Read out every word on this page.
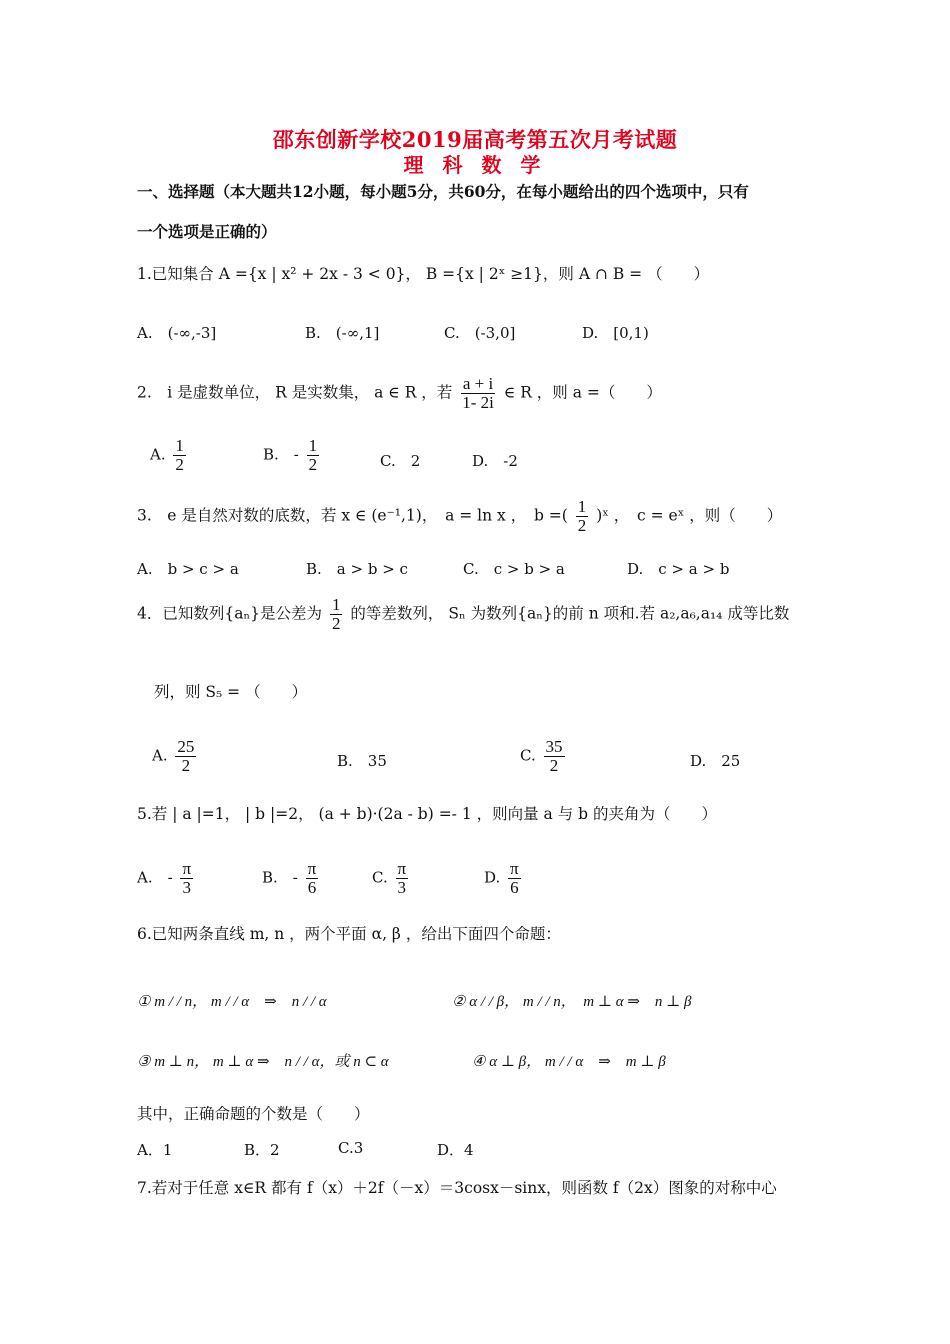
邵东创新学校2019届高考第五次月考试题
理 科 数 学
一、选择题（本大题共12小题，每小题5分，共60分，在每小题给出的四个选项中，只有
一个选项是正确的）
1.已知集合 A ={x | x² + 2x - 3 < 0}， B ={x | 2ˣ ≥1}，则 A ∩ B = （　　）
A.　(-∞,-3]	B.　(-∞,1]	C.　(-3,0]	D.　[0,1)
2.　i 是虚数单位， R 是实数集， a ∈ R ，若 $\frac{a + i}{1- 2i}$ ∈ R ，则 a =（　　）
A. $\frac{1}{2}$	B.　- $\frac{1}{2}$	C.　2	D.　-2
3.　e 是自然对数的底数，若 x ∈ (e⁻¹,1)，　a = ln x ，　b =( $\frac{1}{2}$ )ˣ ，　c = eˣ ，则（　　）
A.　b > c > a	B.　a > b > c	C.　c > b > a	D.　c > a > b
4．已知数列{aₙ}是公差为 $\frac{1}{2}$ 的等差数列， Sₙ 为数列{aₙ}的前 n 项和.若 a₂,a₆,a₁₄ 成等比数
列，则 S₅ = （　　）
A. $\frac{25}{2}$	B.　35	C. $\frac{35}{2}$	D.　25
5.若 | a |=1， | b |=2， (a + b)·(2a - b) =- 1 ，则向量 a 与 b 的夹角为（　　）
A.　- $\frac{\pi}{3}$	B.　- $\frac{\pi}{6}$	C. $\frac{\pi}{3}$	D. $\frac{\pi}{6}$
6.已知两条直线 m, n ，两个平面 α, β ，给出下面四个命题：
① m / / n， m / / α　⇒　n / / α	② α / / β， m / / n，　m ⊥ α ⇒　n ⊥ β
③ m ⊥ n， m ⊥ α ⇒　n / / α，或 n ⊂ α	④ α ⊥ β， m / / α　⇒　m ⊥ β
其中，正确命题的个数是（　　）
A．1	B．2	C.3	D．4
7.若对于任意 x∈R 都有 f（x）＋2f（－x）＝3cosx－sinx，则函数 f（2x）图象的对称中心
